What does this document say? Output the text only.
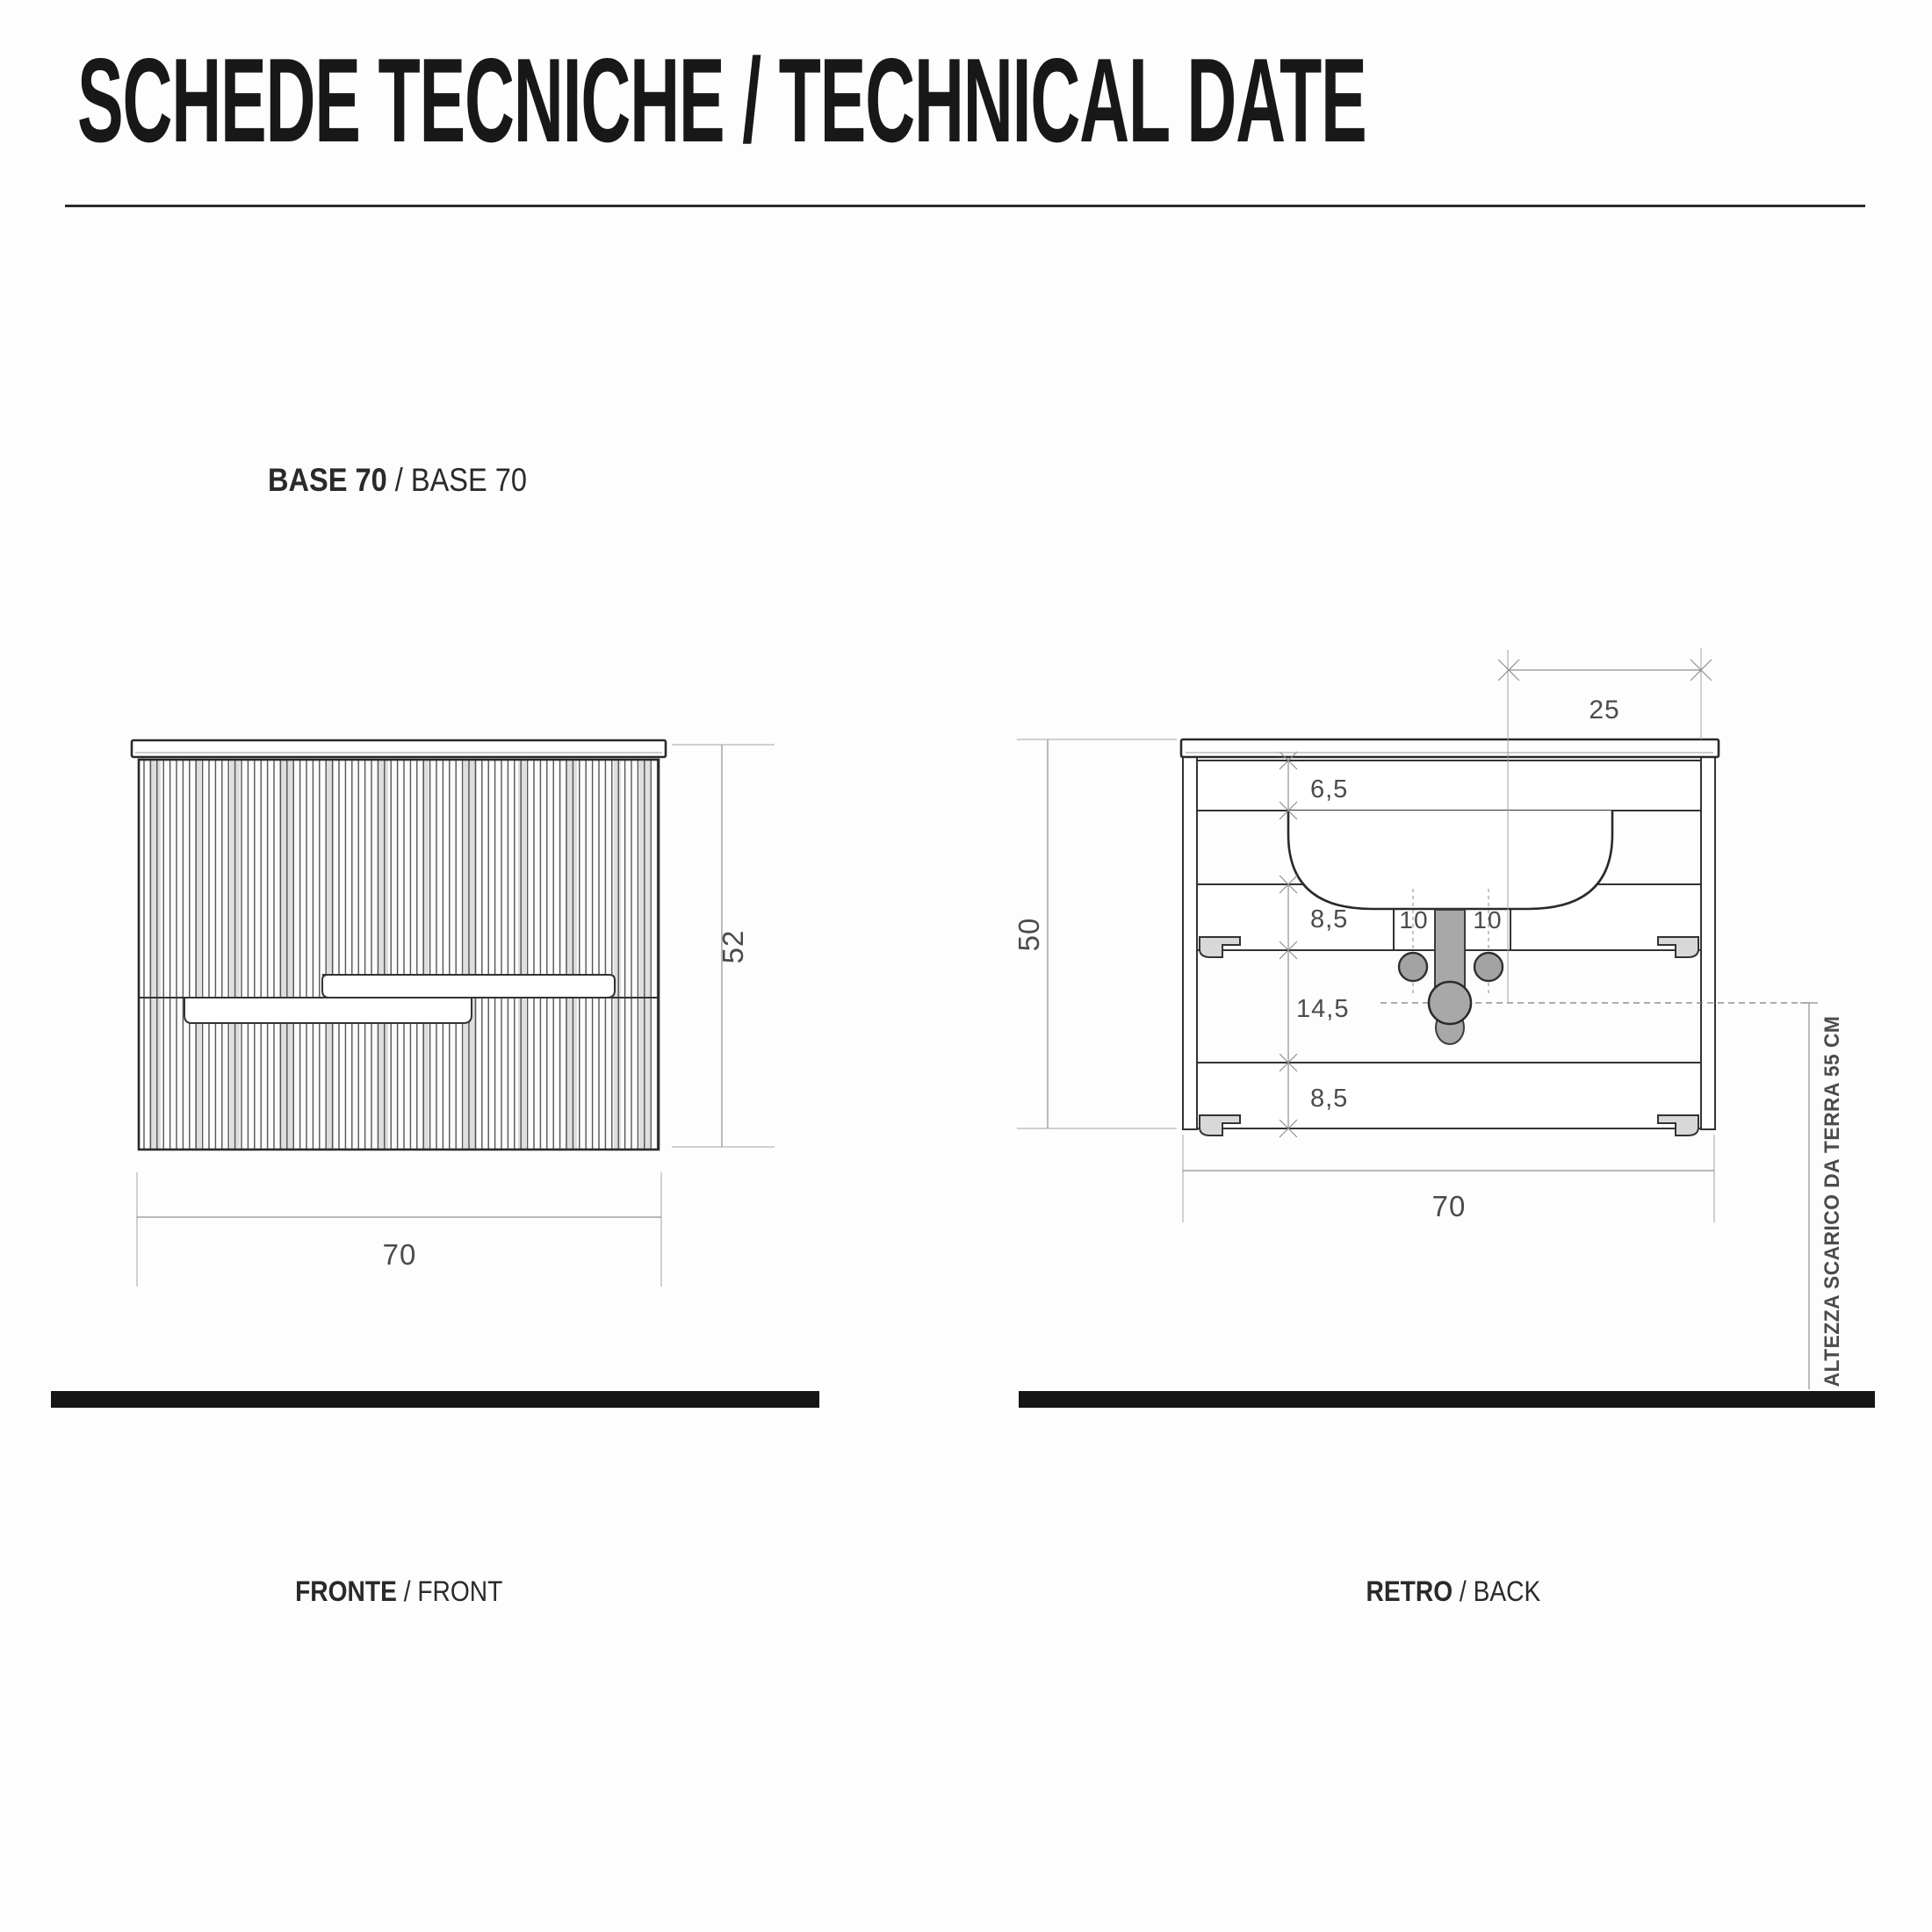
SCHEDE TECNICHE / TECHNICAL DATE
BASE 70 / BASE 70
52
70
25
6,5
8,5
14,5
8,5
10 10
50
70	ALTEZZA SCARICO DA TERRA 55 CM
FRONTE / FRONT	RETRO / BACK
